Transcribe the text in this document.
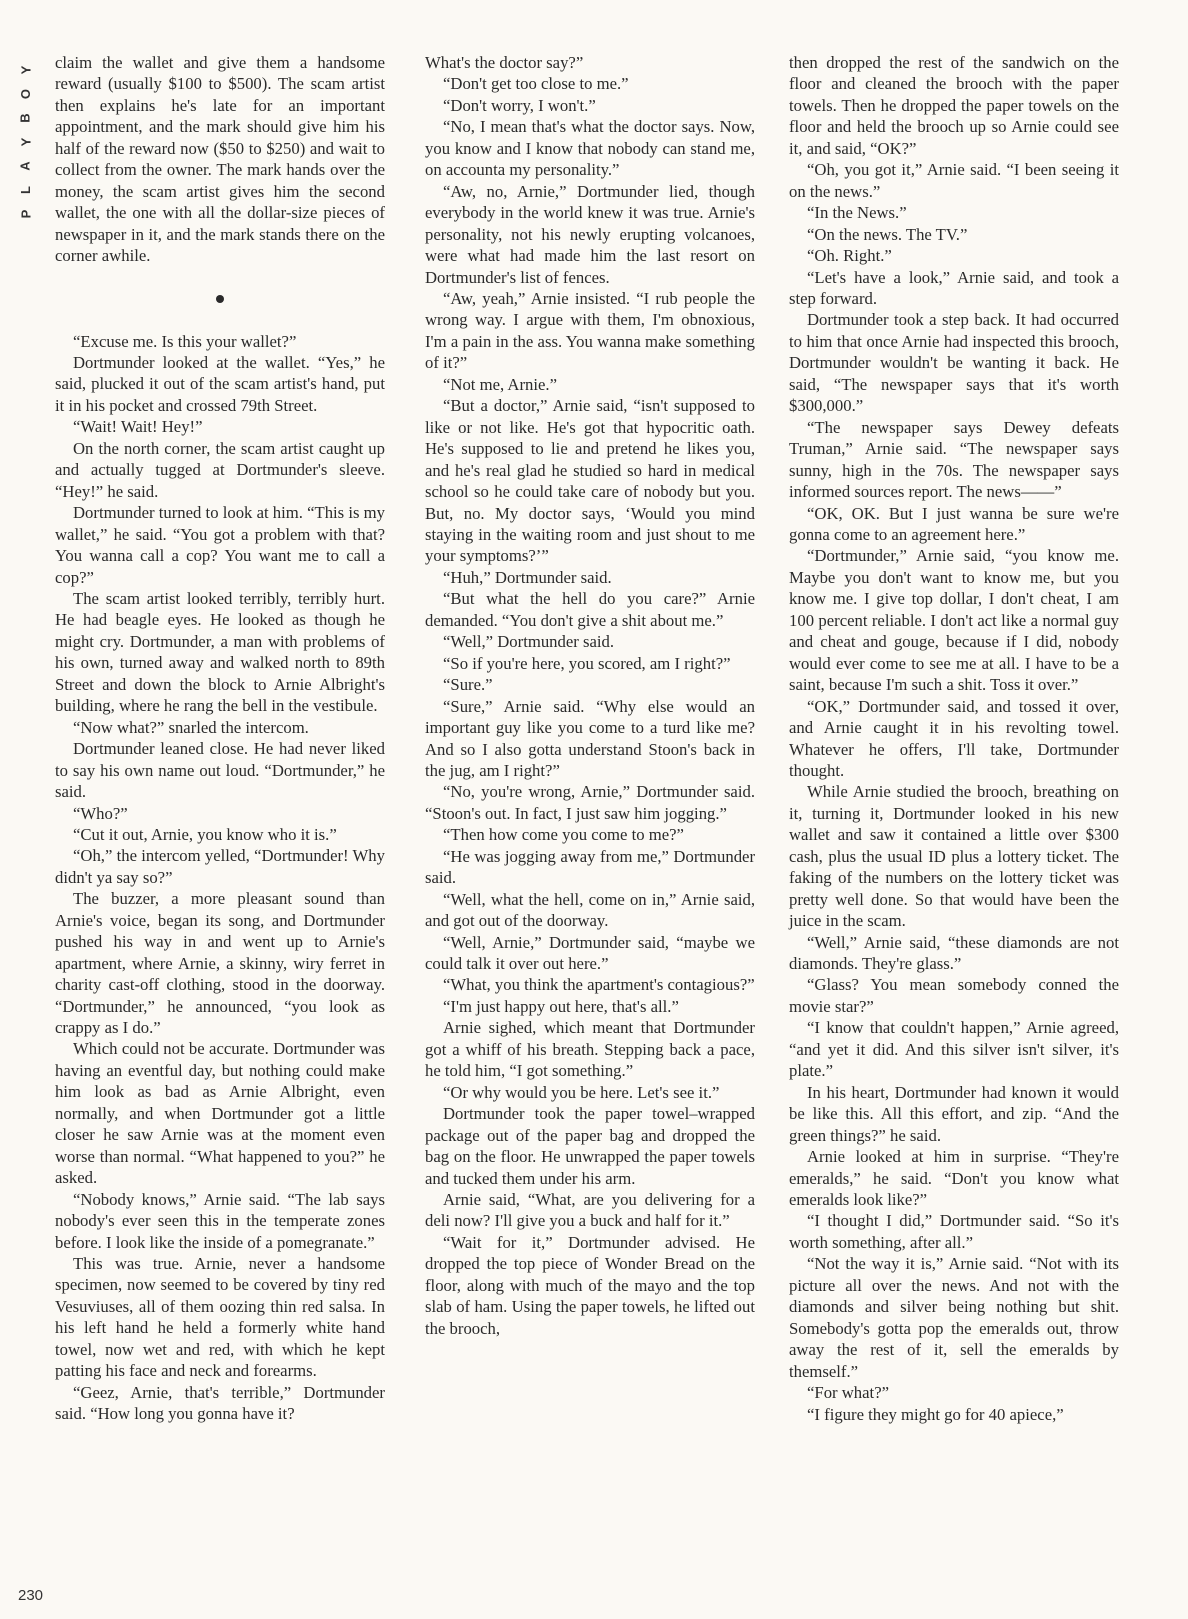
Y
O
B
Y
A
L
P

claim the wallet and give them a handsome reward (usually $100 to $500). The scam artist then explains he's late for an important appointment, and the mark should give him his half of the reward now ($50 to $250) and wait to collect from the owner. The mark hands over the money, the scam artist gives him the second wallet, the one with all the dollar-size pieces of newspaper in it, and the mark stands there on the corner awhile.

“Excuse me. Is this your wallet?”

Dortmunder looked at the wallet. “Yes,” he said, plucked it out of the scam artist's hand, put it in his pocket and crossed 79th Street.

“Wait! Wait! Hey!”

On the north corner, the scam artist caught up and actually tugged at Dortmunder's sleeve. “Hey!” he said.

Dortmunder turned to look at him. “This is my wallet,” he said. “You got a problem with that? You wanna call a cop? You want me to call a cop?”

The scam artist looked terribly, terribly hurt. He had beagle eyes. He looked as though he might cry. Dortmunder, a man with problems of his own, turned away and walked north to 89th Street and down the block to Arnie Albright's building, where he rang the bell in the vestibule.

“Now what?” snarled the intercom.

Dortmunder leaned close. He had never liked to say his own name out loud. “Dortmunder,” he said.

“Who?”

“Cut it out, Arnie, you know who it is.”

“Oh,” the intercom yelled, “Dortmunder! Why didn't ya say so?”

The buzzer, a more pleasant sound than Arnie's voice, began its song, and Dortmunder pushed his way in and went up to Arnie's apartment, where Arnie, a skinny, wiry ferret in charity cast-off clothing, stood in the doorway. “Dortmunder,” he announced, “you look as crappy as I do.”

Which could not be accurate. Dortmunder was having an eventful day, but nothing could make him look as bad as Arnie Albright, even normally, and when Dortmunder got a little closer he saw Arnie was at the moment even worse than normal. “What happened to you?” he asked.

“Nobody knows,” Arnie said. “The lab says nobody's ever seen this in the temperate zones before. I look like the inside of a pomegranate.”

This was true. Arnie, never a handsome specimen, now seemed to be covered by tiny red Vesuviuses, all of them oozing thin red salsa. In his left hand he held a formerly white hand towel, now wet and red, with which he kept patting his face and neck and forearms.

“Geez, Arnie, that's terrible,” Dortmunder said. “How long you gonna have it?

What's the doctor say?”

“Don't get too close to me.”

“Don't worry, I won't.”

“No, I mean that's what the doctor says. Now, you know and I know that nobody can stand me, on accounta my personality.”

“Aw, no, Arnie,” Dortmunder lied, though everybody in the world knew it was true. Arnie's personality, not his newly erupting volcanoes, were what had made him the last resort on Dortmunder's list of fences.

“Aw, yeah,” Arnie insisted. “I rub people the wrong way. I argue with them, I'm obnoxious, I'm a pain in the ass. You wanna make something of it?”

“Not me, Arnie.”

“But a doctor,” Arnie said, “isn't supposed to like or not like. He's got that hypocritic oath. He's supposed to lie and pretend he likes you, and he's real glad he studied so hard in medical school so he could take care of nobody but you. But, no. My doctor says, ‘Would you mind staying in the waiting room and just shout to me your symptoms?’”

“Huh,” Dortmunder said.

“But what the hell do you care?” Arnie demanded. “You don't give a shit about me.”

“Well,” Dortmunder said.

“So if you're here, you scored, am I right?”

“Sure.”

“Sure,” Arnie said. “Why else would an important guy like you come to a turd like me? And so I also gotta understand Stoon's back in the jug, am I right?”

“No, you're wrong, Arnie,” Dortmunder said. “Stoon's out. In fact, I just saw him jogging.”

“Then how come you come to me?”

“He was jogging away from me,” Dortmunder said.

“Well, what the hell, come on in,” Arnie said, and got out of the doorway.

“Well, Arnie,” Dortmunder said, “maybe we could talk it over out here.”

“What, you think the apartment's contagious?”

“I'm just happy out here, that's all.”

Arnie sighed, which meant that Dortmunder got a whiff of his breath. Stepping back a pace, he told him, “I got something.”

“Or why would you be here. Let's see it.”

Dortmunder took the paper towel–wrapped package out of the paper bag and dropped the bag on the floor. He unwrapped the paper towels and tucked them under his arm.

Arnie said, “What, are you delivering for a deli now? I'll give you a buck and half for it.”

“Wait for it,” Dortmunder advised. He dropped the top piece of Wonder Bread on the floor, along with much of the mayo and the top slab of ham. Using the paper towels, he lifted out the brooch,

then dropped the rest of the sandwich on the floor and cleaned the brooch with the paper towels. Then he dropped the paper towels on the floor and held the brooch up so Arnie could see it, and said, “OK?”

“Oh, you got it,” Arnie said. “I been seeing it on the news.”

“In the News.”

“On the news. The TV.”

“Oh. Right.”

“Let's have a look,” Arnie said, and took a step forward.

Dortmunder took a step back. It had occurred to him that once Arnie had inspected this brooch, Dortmunder wouldn't be wanting it back. He said, “The newspaper says that it's worth $300,000.”

“The newspaper says Dewey defeats Truman,” Arnie said. “The newspaper says sunny, high in the 70s. The newspaper says informed sources report. The news——”

“OK, OK. But I just wanna be sure we're gonna come to an agreement here.”

“Dortmunder,” Arnie said, “you know me. Maybe you don't want to know me, but you know me. I give top dollar, I don't cheat, I am 100 percent reliable. I don't act like a normal guy and cheat and gouge, because if I did, nobody would ever come to see me at all. I have to be a saint, because I'm such a shit. Toss it over.”

“OK,” Dortmunder said, and tossed it over, and Arnie caught it in his revolting towel. Whatever he offers, I'll take, Dortmunder thought.

While Arnie studied the brooch, breathing on it, turning it, Dortmunder looked in his new wallet and saw it contained a little over $300 cash, plus the usual ID plus a lottery ticket. The faking of the numbers on the lottery ticket was pretty well done. So that would have been the juice in the scam.

“Well,” Arnie said, “these diamonds are not diamonds. They're glass.”

“Glass? You mean somebody conned the movie star?”

“I know that couldn't happen,” Arnie agreed, “and yet it did. And this silver isn't silver, it's plate.”

In his heart, Dortmunder had known it would be like this. All this effort, and zip. “And the green things?” he said.

Arnie looked at him in surprise. “They're emeralds,” he said. “Don't you know what emeralds look like?”

“I thought I did,” Dortmunder said. “So it's worth something, after all.”

“Not the way it is,” Arnie said. “Not with its picture all over the news. And not with the diamonds and silver being nothing but shit. Somebody's gotta pop the emeralds out, throw away the rest of it, sell the emeralds by themself.”

“For what?”

“I figure they might go for 40 apiece,”

230
